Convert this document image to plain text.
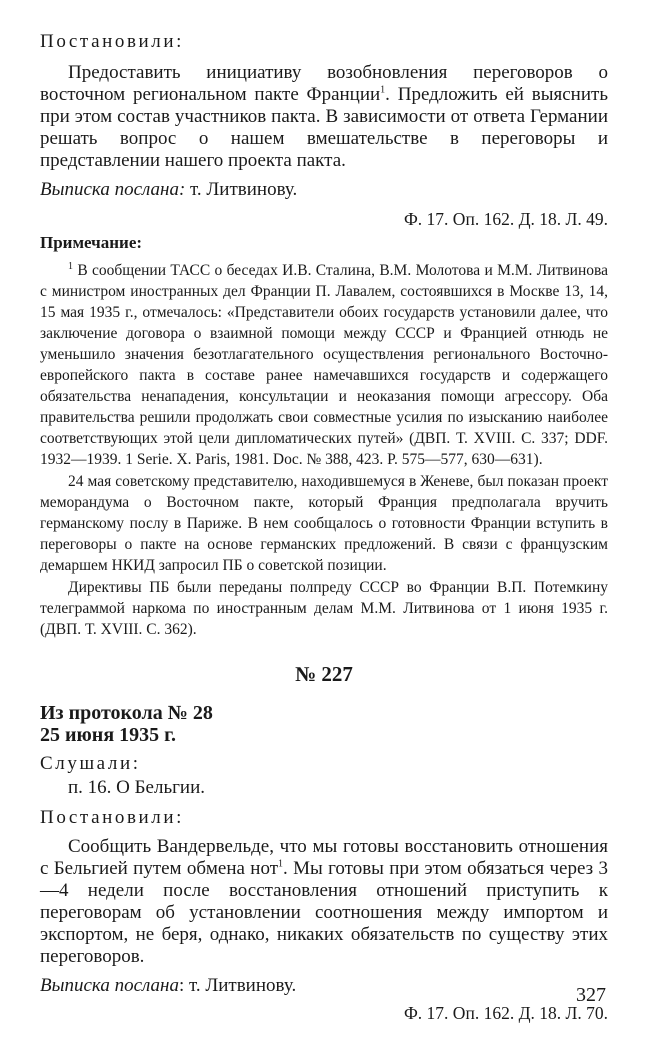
Постановили:

Предоставить инициативу возобновления переговоров о восточном региональном пакте Франции$^1$. Предложить ей выяснить при этом состав участников пакта. В зависимости от ответа Германии решать вопрос о нашем вмешательстве в переговоры и представлении нашего проекта пакта.

Выписка послана: т. Литвинову.

Ф. 17. Оп. 162. Д. 18. Л. 49.

Примечание:

$^1$ В сообщении ТАСС о беседах И.В. Сталина, В.М. Молотова и М.М. Литвинова с министром иностранных дел Франции П. Лавалем, состоявшихся в Москве 13, 14, 15 мая 1935 г., отмечалось: «Представители обоих государств установили далее, что заключение договора о взаимной помощи между СССР и Францией отнюдь не уменьшило значения безотлагательного осуществления регионального Восточно-европейского пакта в составе ранее намечавшихся государств и содержащего обязательства ненападения, консультации и неоказания помощи агрессору. Оба правительства решили продолжать свои совместные усилия по изысканию наиболее соответствующих этой цели дипломатических путей» (ДВП. Т. XVIII. С. 337; DDF. 1932—1939. 1 Serie. X. Paris, 1981. Doc. № 388, 423. P. 575—577, 630—631).

24 мая советскому представителю, находившемуся в Женеве, был показан проект меморандума о Восточном пакте, который Франция предполагала вручить германскому послу в Париже. В нем сообщалось о готовности Франции вступить в переговоры о пакте на основе германских предложений. В связи с французским демаршем НКИД запросил ПБ о советской позиции.

Директивы ПБ были переданы полпреду СССР во Франции В.П. Потемкину телеграммой наркома по иностранным делам М.М. Литвинова от 1 июня 1935 г. (ДВП. Т. XVIII. С. 362).

№ 227

Из протокола № 28

25 июня 1935 г.

Слушали:

п. 16. О Бельгии.

Постановили:

Сообщить Вандервельде, что мы готовы восстановить отношения с Бельгией путем обмена нот$^1$. Мы готовы при этом обязаться через 3—4 недели после восстановления отношений приступить к переговорам об установлении соотношения между импортом и экспортом, не беря, однако, никаких обязательств по существу этих переговоров.

Выписка послана: т. Литвинову.

Ф. 17. Оп. 162. Д. 18. Л. 70.

327
